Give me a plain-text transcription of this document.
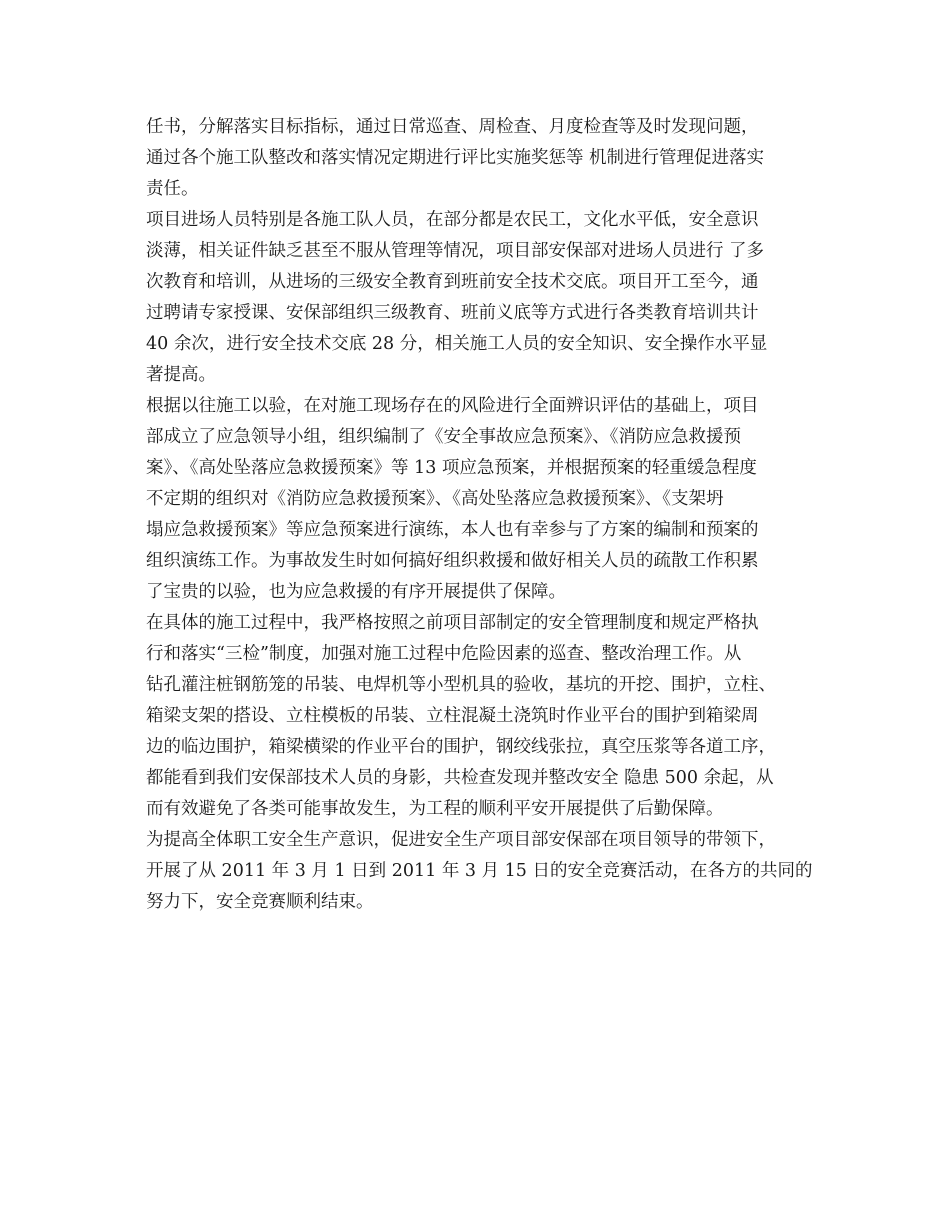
任书，分解落实目标指标，通过日常巡查、周检查、月度检查等及时发现问题，
通过各个施工队整改和落实情况定期进行评比实施奖惩等 机制进行管理促进落实
责任。
项目进场人员特别是各施工队人员，在部分都是农民工，文化水平低，安全意识
淡薄，相关证件缺乏甚至不服从管理等情况，项目部安保部对进场人员进行 了多
次教育和培训，从进场的三级安全教育到班前安全技术交底。项目开工至今，通
过聘请专家授课、安保部组织三级教育、班前义底等方式进行各类教育培训共计
40 余次，进行安全技术交底 28 分，相关施工人员的安全知识、安全操作水平显
著提高。
根据以往施工以验，在对施工现场存在的风险进行全面辨识评估的基础上，项目
部成立了应急领导小组，组织编制了《安全事故应急预案》、《消防应急救援预
案》、《高处坠落应急救援预案》等 13 项应急预案，并根据预案的轻重缓急程度
不定期的组织对《消防应急救援预案》、《高处坠落应急救援预案》、《支架坍
塌应急救援预案》等应急预案进行演练，本人也有幸参与了方案的编制和预案的
组织演练工作。为事故发生时如何搞好组织救援和做好相关人员的疏散工作积累
了宝贵的以验，也为应急救援的有序开展提供了保障。
在具体的施工过程中，我严格按照之前项目部制定的安全管理制度和规定严格执
行和落实“三检”制度，加强对施工过程中危险因素的巡查、整改治理工作。从
钻孔灌注桩钢筋笼的吊装、电焊机等小型机具的验收，基坑的开挖、围护，立柱、
箱梁支架的搭设、立柱模板的吊装、立柱混凝土浇筑时作业平台的围护到箱梁周
边的临边围护，箱梁横梁的作业平台的围护，钢绞线张拉，真空压浆等各道工序，
都能看到我们安保部技术人员的身影，共检查发现并整改安全 隐患 500 余起，从
而有效避免了各类可能事故发生，为工程的顺利平安开展提供了后勤保障。
为提高全体职工安全生产意识，促进安全生产项目部安保部在项目领导的带领下，
开展了从 2011 年 3 月 1 日到 2011 年 3 月 15 日的安全竞赛活动，在各方的共同的
努力下，安全竞赛顺利结束。
